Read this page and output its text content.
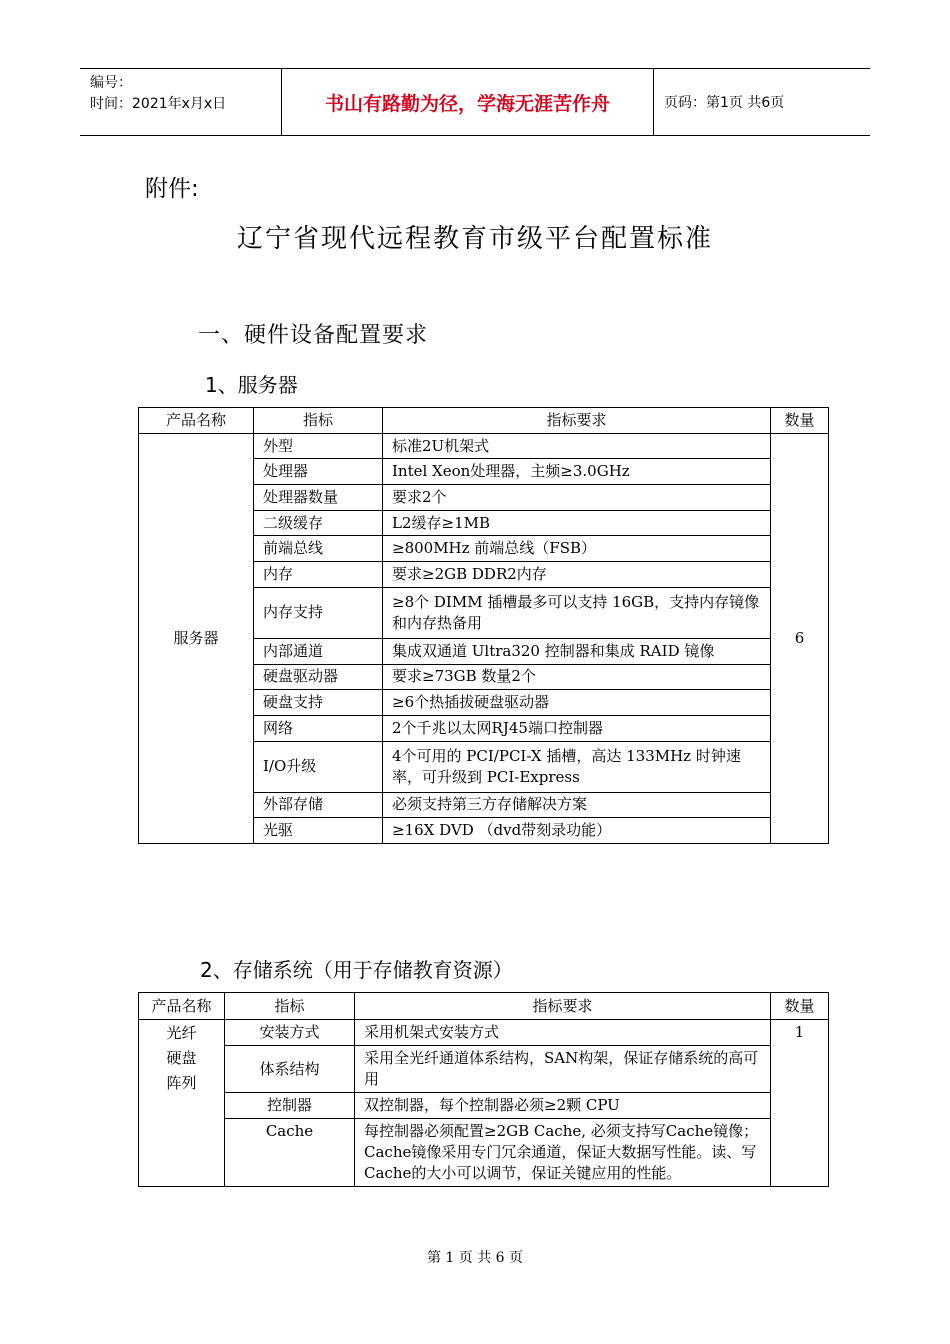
编号：
时间：2021年x月x日	书山有路勤为径，学海无涯苦作舟	页码：第1页 共6页
附件:
辽宁省现代远程教育市级平台配置标准
一、硬件设备配置要求
1、服务器
产品名称	指标	指标要求	数量
服务器	外型	标准2U机架式	6
	处理器	Intel Xeon处理器，主频≥3.0GHz	
	处理器数量	要求2个	
	二级缓存	L2缓存≥1MB	
	前端总线	≥800MHz 前端总线（FSB）	
	内存	要求≥2GB DDR2内存	
	内存支持	≥8个 DIMM 插槽最多可以支持 16GB，支持内存镜像和内存热备用	
	内部通道	集成双通道 Ultra320 控制器和集成 RAID 镜像	
	硬盘驱动器	要求≥73GB 数量2个	
	硬盘支持	≥6个热插拔硬盘驱动器	
	网络	2个千兆以太网RJ45端口控制器	
	I/O升级	4个可用的 PCI/PCI-X 插槽，高达 133MHz 时钟速率，可升级到 PCI-Express	
	外部存储	必须支持第三方存储解决方案	
	光驱	≥16X DVD （dvd带刻录功能）	
2、存储系统（用于存储教育资源）
产品名称	指标	指标要求	数量

光纤
硬盘
阵列	安装方式	采用机架式安装方式	1
	体系结构	采用全光纤通道体系结构，SAN构架，保证存储系统的高可用	
	控制器	双控制器，每个控制器必须≥2颗 CPU	
	Cache	每控制器必须配置≥2GB Cache, 必须支持写Cache镜像；Cache镜像采用专门冗余通道，保证大数据写性能。读、写Cache的大小可以调节，保证关键应用的性能。	
第 1 页 共 6 页
